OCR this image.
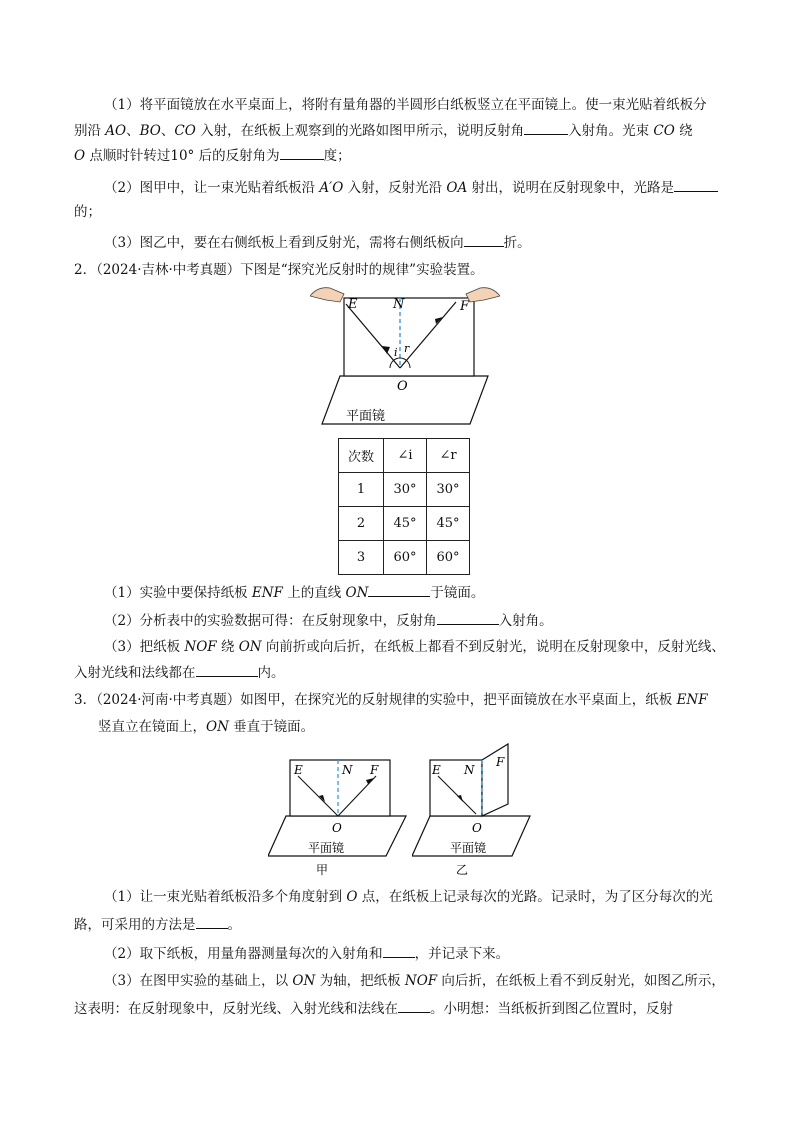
（1）将平面镜放在水平桌面上，将附有量角器的半圆形白纸板竖立在平面镜上。使一束光贴着纸板分
别沿 AO、BO、CO 入射，在纸板上观察到的光路如图甲所示，说明反射角	入射角。光束 CO 绕
O 点顺时针转过10° 后的反射角为	度；
（2）图甲中，让一束光贴着纸板沿 A′O 入射，反射光沿 OA 射出，说明在反射现象中，光路是
的；
（3）图乙中，要在右侧纸板上看到反射光，需将右侧纸板向	折。
2．（2024·吉林·中考真题）下图是“探究光反射时的规律”实验装置。
E	N	F
i r
O
平面镜
次数	∠i	∠r
1	30°	30°
2	45°	45°
3	60°	60°
（1）实验中要保持纸板 ENF 上的直线 ON	于镜面。
（2）分析表中的实验数据可得：在反射现象中，反射角	入射角。
（3）把纸板 NOF 绕 ON 向前折或向后折，在纸板上都看不到反射光，说明在反射现象中，反射光线、
入射光线和法线都在	内。
3．（2024·河南·中考真题）如图甲，在探究光的反射规律的实验中，把平面镜放在水平桌面上，纸板 ENF
竖直立在镜面上，ON 垂直于镜面。
E	N F
O
平面镜
甲
E N
F
O
平面镜
乙
（1）让一束光贴着纸板沿多个角度射到 O 点，在纸板上记录每次的光路。记录时，为了区分每次的光
路，可采用的方法是 。
（2）取下纸板，用量角器测量每次的入射角和 ，并记录下来。
（3）在图甲实验的基础上，以 ON 为轴，把纸板 NOF 向后折，在纸板上看不到反射光，如图乙所示，
这表明：在反射现象中，反射光线、入射光线和法线在 。小明想：当纸板折到图乙位置时，反射
